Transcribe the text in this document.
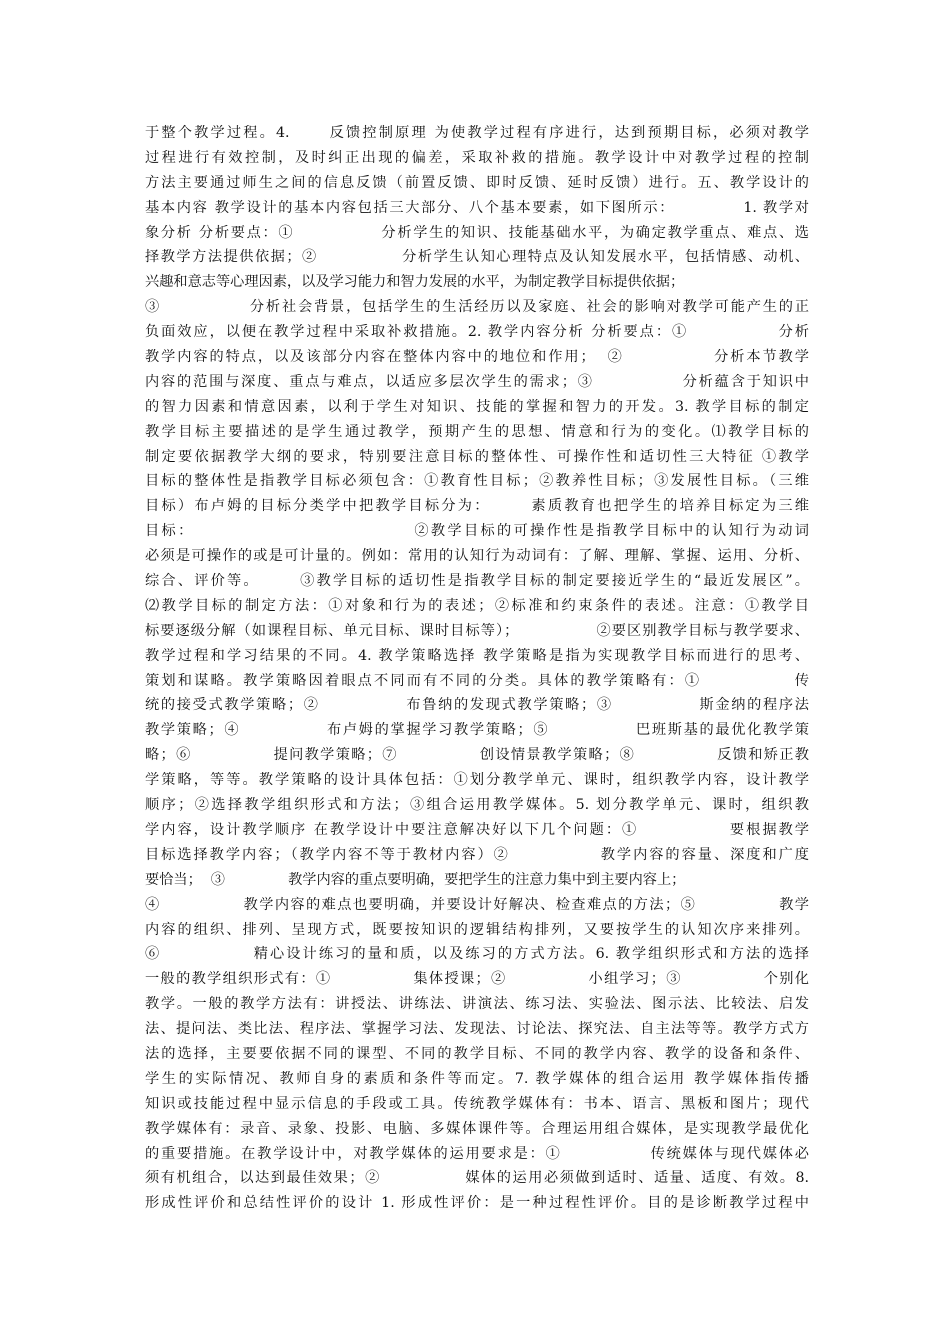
于整个教学过程。4.      反馈控制原理 为使教学过程有序进行，达到预期目标，必须对教学
过程进行有效控制，及时纠正出现的偏差，采取补救的措施。教学设计中对教学过程的控制
方法主要通过师生之间的信息反馈（前置反馈、即时反馈、延时反馈）进行。五、教学设计的
基本内容 教学设计的基本内容包括三大部分、八个基本要素，如下图所示：           1. 教学对
象分析 分析要点：①              分析学生的知识、技能基础水平，为确定教学重点、难点、选
择教学方法提供依据；②              分析学生认知心理特点及认知发展水平，包括情感、动机、
兴趣和意志等心理因素，以及学习能力和智力发展的水平，为制定教学目标提供依据；
③              分析社会背景，包括学生的生活经历以及家庭、社会的影响对教学可能产生的正
负面效应，以便在教学过程中采取补救措施。2. 教学内容分析 分析要点：①              分析
教学内容的特点，以及该部分内容在整体内容中的地位和作用；  ②              分析本节教学
内容的范围与深度、重点与难点，以适应多层次学生的需求；③              分析蕴含于知识中
的智力因素和情意因素，以利于学生对知识、技能的掌握和智力的开发。3. 教学目标的制定
教学目标主要描述的是学生通过教学，预期产生的思想、情意和行为的变化。⑴教学目标的
制定要依据教学大纲的要求，特别要注意目标的整体性、可操作性和适切性三大特征 ①教学
目标的整体性是指教学目标必须包含：①教育性目标；②教养性目标；③发展性目标。（三维
目标）布卢姆的目标分类学中把教学目标分为：      素质教育也把学生的培养目标定为三维
目标：                                ②教学目标的可操作性是指教学目标中的认知行为动词
必须是可操作的或是可计量的。例如：常用的认知行为动词有：了解、理解、掌握、运用、分析、
综合、评价等。      ③教学目标的适切性是指教学目标的制定要接近学生的“最近发展区”。
⑵教学目标的制定方法：①对象和行为的表述；②标准和约束条件的表述。注意：①教学目
标要逐级分解（如课程目标、单元目标、课时目标等）；              ②要区别教学目标与教学要求、
教学过程和学习结果的不同。4. 教学策略选择 教学策略是指为实现教学目标而进行的思考、
策划和谋略。教学策略因着眼点不同而有不同的分类。具体的教学策略有：①              传
统的接受式教学策略；②              布鲁纳的发现式教学策略；③              斯金纳的程序法
教学策略；④              布卢姆的掌握学习教学策略；⑤              巴班斯基的最优化教学策
略；⑥              提问教学策略；⑦              创设情景教学策略；⑧              反馈和矫正教
学策略，等等。教学策略的设计具体包括：①划分教学单元、课时，组织教学内容，设计教学
顺序；②选择教学组织形式和方法；③组合运用教学媒体。5. 划分教学单元、课时，组织教
学内容，设计教学顺序 在教学设计中要注意解决好以下几个问题：①              要根据教学
目标选择教学内容；（教学内容不等于教材内容）②              教学内容的容量、深度和广度
要恰当；  ③              教学内容的重点要明确，要把学生的注意力集中到主要内容上；
④              教学内容的难点也要明确，并要设计好解决、检查难点的方法；⑤              教学
内容的组织、排列、呈现方式，既要按知识的逻辑结构排列，又要按学生的认知次序来排列。
⑥              精心设计练习的量和质，以及练习的方式方法。6. 教学组织形式和方法的选择
一般的教学组织形式有：①              集体授课；②              小组学习；③              个别化
教学。一般的教学方法有：讲授法、讲练法、讲演法、练习法、实验法、图示法、比较法、启发
法、提问法、类比法、程序法、掌握学习法、发现法、讨论法、探究法、自主法等等。教学方式方
法的选择，主要要依据不同的课型、不同的教学目标、不同的教学内容、教学的设备和条件、
学生的实际情况、教师自身的素质和条件等而定。7. 教学媒体的组合运用 教学媒体指传播
知识或技能过程中显示信息的手段或工具。传统教学媒体有：书本、语言、黑板和图片；现代
教学媒体有：录音、录象、投影、电脑、多媒体课件等。合理运用组合媒体，是实现教学最优化
的重要措施。在教学设计中，对教学媒体的运用要求是：①              传统媒体与现代媒体必
须有机组合，以达到最佳效果；②              媒体的运用必须做到适时、适量、适度、有效。8.
形成性评价和总结性评价的设计 1. 形成性评价：是一种过程性评价。目的是诊断教学过程中
